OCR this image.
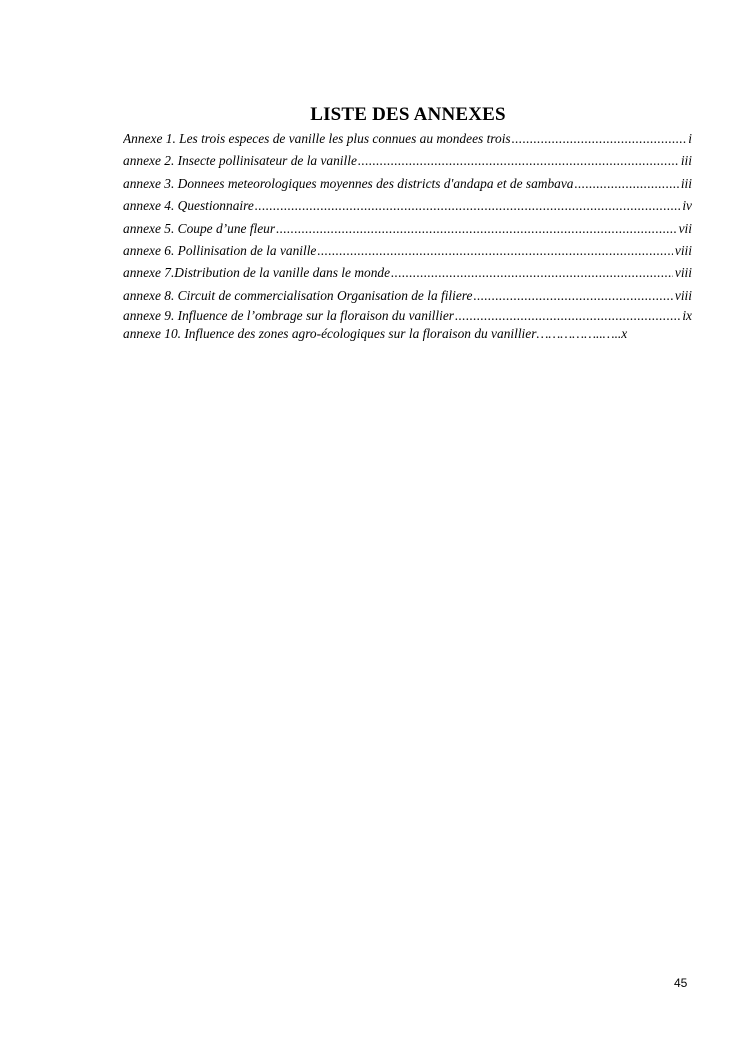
LISTE DES ANNEXES
Annexe 1. Les trois especes de vanille les plus connues au mondees trois .....	i
annexe 2. Insecte pollinisateur de la vanille .....	iii
annexe 3. Donnees meteorologiques moyennes des districts d'andapa et de sambava .....	iii
annexe 4. Questionnaire .....	iv
annexe 5. Coupe d’une fleur .....	vii
annexe 6. Pollinisation de la vanille .....	viii
annexe 7.Distribution de la vanille dans le monde .....	viii
annexe 8. Circuit de commercialisation Organisation de la filiere .....	viii
annexe 9. Influence de l’ombrage sur la floraison du vanillier .....	ix
annexe 10. Influence des zones agro-écologiques sur la floraison du vanillier ……………..….. x
45
